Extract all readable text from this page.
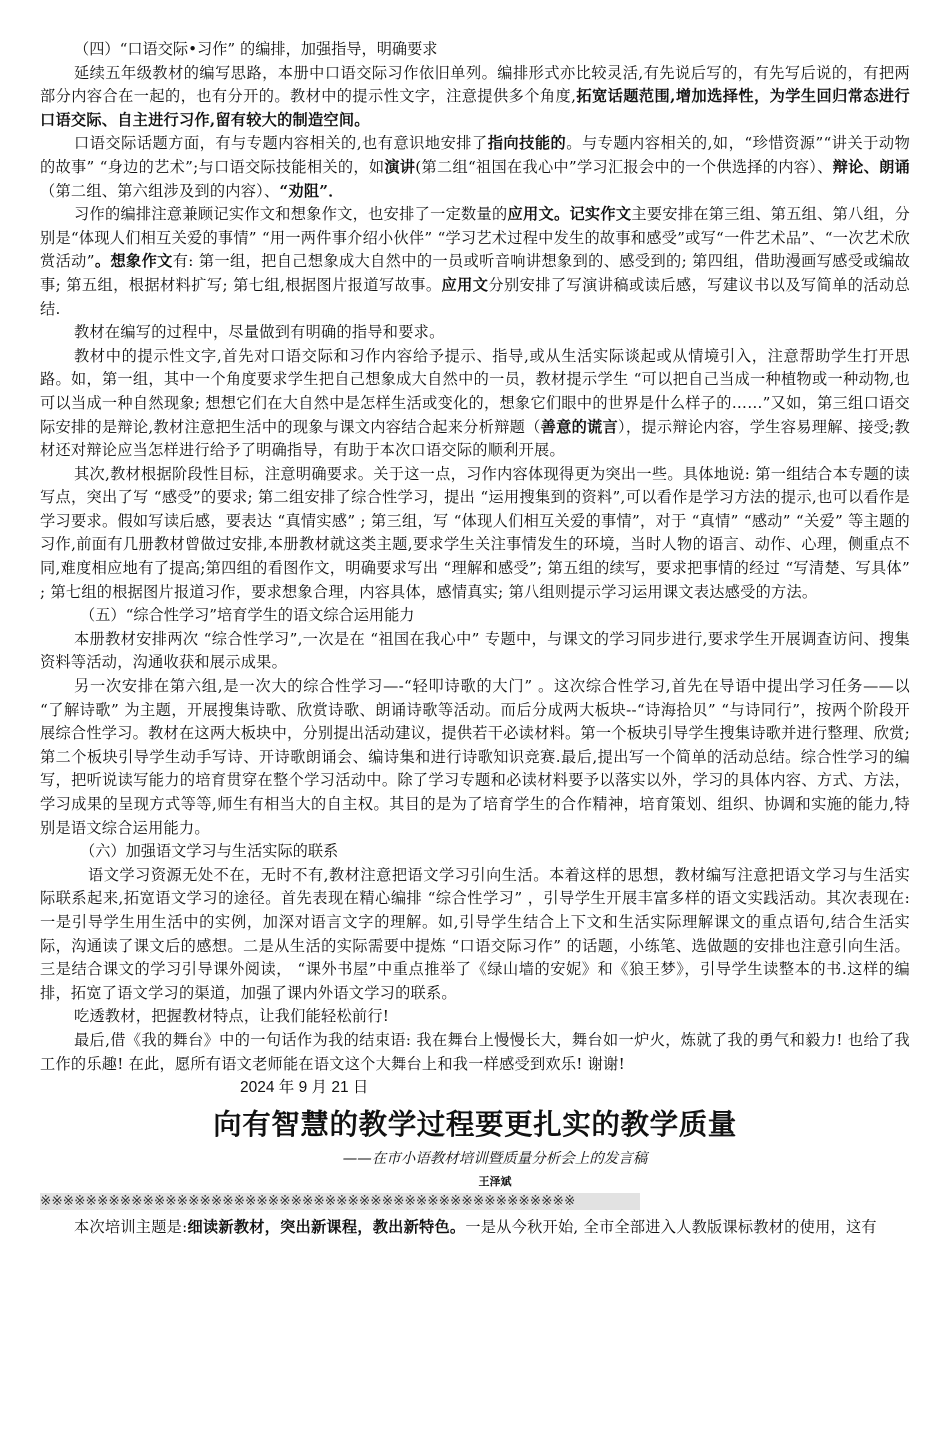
（四）“口语交际•习作” 的编排，加强指导，明确要求

延续五年级教材的编写思路，本册中口语交际习作依旧单列。编排形式亦比较灵活,有先说后写的，有先写后说的，有把两部分内容合在一起的，也有分开的。教材中的提示性文字，注意提供多个角度,拓宽话题范围,增加选择性，为学生回归常态进行口语交际、自主进行习作,留有较大的制造空间。

口语交际话题方面，有与专题内容相关的,也有意识地安排了指向技能的。与专题内容相关的,如，“珍惜资源”“讲关于动物的故事” “身边的艺术”;与口语交际技能相关的，如演讲(第二组“祖国在我心中”学习汇报会中的一个供选择的内容）、辩论、朗诵（第二组、第六组涉及到的内容）、“劝阻”．

习作的编排注意兼顾记实作文和想象作文，也安排了一定数量的应用文。记实作文主要安排在第三组、第五组、第八组，分别是“体现人们相互关爱的事情” “用一两件事介绍小伙伴” “学习艺术过程中发生的故事和感受”或写“一件艺术品”、“一次艺术欣赏活动”。想象作文有: 第一组，把自己想象成大自然中的一员或听音响讲想象到的、感受到的; 第四组，借助漫画写感受或编故事; 第五组，根据材料扩写; 第七组,根据图片报道写故事。应用文分别安排了写演讲稿或读后感，写建议书以及写简单的活动总结.

教材在编写的过程中，尽量做到有明确的指导和要求。

教材中的提示性文字,首先对口语交际和习作内容给予提示、指导,或从生活实际谈起或从情境引入，注意帮助学生打开思路。如，第一组，其中一个角度要求学生把自己想象成大自然中的一员，教材提示学生 “可以把自己当成一种植物或一种动物,也可以当成一种自然现象; 想想它们在大自然中是怎样生活或变化的，想象它们眼中的世界是什么样子的……”又如，第三组口语交际安排的是辩论,教材注意把生活中的现象与课文内容结合起来分析辩题（善意的谎言），提示辩论内容，学生容易理解、接受;教材还对辩论应当怎样进行给予了明确指导，有助于本次口语交际的顺利开展。

其次,教材根据阶段性目标，注意明确要求。关于这一点，习作内容体现得更为突出一些。具体地说: 第一组结合本专题的读写点，突出了写 “感受”的要求; 第二组安排了综合性学习，提出 “运用搜集到的资料”,可以看作是学习方法的提示,也可以看作是学习要求。假如写读后感，要表达 “真情实感” ; 第三组，写 “体现人们相互关爱的事情”，对于 “真情” “感动” “关爱” 等主题的习作,前面有几册教材曾做过安排,本册教材就这类主题,要求学生关注事情发生的环境，当时人物的语言、动作、心理，侧重点不同,难度相应地有了提高;第四组的看图作文，明确要求写出 “理解和感受”; 第五组的续写，要求把事情的经过 “写清楚、写具体” ; 第七组的根据图片报道习作，要求想象合理，内容具体，感情真实; 第八组则提示学习运用课文表达感受的方法。

（五）“综合性学习”培育学生的语文综合运用能力

本册教材安排两次 “综合性学习”,一次是在 “祖国在我心中” 专题中，与课文的学习同步进行,要求学生开展调查访问、搜集资料等活动，沟通收获和展示成果。

另一次安排在第六组,是一次大的综合性学习—-“轻叩诗歌的大门” 。这次综合性学习,首先在导语中提出学习任务——以 “了解诗歌” 为主题，开展搜集诗歌、欣赏诗歌、朗诵诗歌等活动。而后分成两大板块--“诗海拾贝” “与诗同行”，按两个阶段开展综合性学习。教材在这两大板块中，分别提出活动建议，提供若干必读材料。第一个板块引导学生搜集诗歌并进行整理、欣赏;第二个板块引导学生动手写诗、开诗歌朗诵会、编诗集和进行诗歌知识竞赛.最后,提出写一个简单的活动总结。综合性学习的编写，把听说读写能力的培育贯穿在整个学习活动中。除了学习专题和必读材料要予以落实以外，学习的具体内容、方式、方法，学习成果的呈现方式等等,师生有相当大的自主权。其目的是为了培育学生的合作精神，培育策划、组织、协调和实施的能力,特别是语文综合运用能力。

（六）加强语文学习与生活实际的联系

语文学习资源无处不在，无时不有,教材注意把语文学习引向生活。本着这样的思想，教材编写注意把语文学习与生活实际联系起来,拓宽语文学习的途径。首先表现在精心编排 “综合性学习” ，引导学生开展丰富多样的语文实践活动。其次表现在:一是引导学生用生活中的实例，加深对语言文字的理解。如,引导学生结合上下文和生活实际理解课文的重点语句,结合生活实际，沟通读了课文后的感想。二是从生活的实际需要中提炼 “口语交际习作” 的话题，小练笔、选做题的安排也注意引向生活。三是结合课文的学习引导课外阅读， “课外书屋”中重点推举了《绿山墙的安妮》和《狼王梦》，引导学生读整本的书.这样的编排，拓宽了语文学习的渠道，加强了课内外语文学习的联系。

吃透教材，把握教材特点，让我们能轻松前行!

最后,借《我的舞台》中的一句话作为我的结束语: 我在舞台上慢慢长大，舞台如一炉火，炼就了我的勇气和毅力! 也给了我工作的乐趣! 在此，愿所有语文老师能在语文这个大舞台上和我一样感受到欢乐! 谢谢!

2024 年 9 月 21 日

向有智慧的教学过程要更扎实的教学质量

——在市小语教材培训暨质量分析会上的发言稿

王泽斌

※※※※※※※※※※※※※※※※※※※※※※※※※※※※※※※※※※※※※※※※※※※※※※※

本次培训主题是:细读新教材，突出新课程，教出新特色。一是从今秋开始, 全市全部进入人教版课标教材的使用，这有
